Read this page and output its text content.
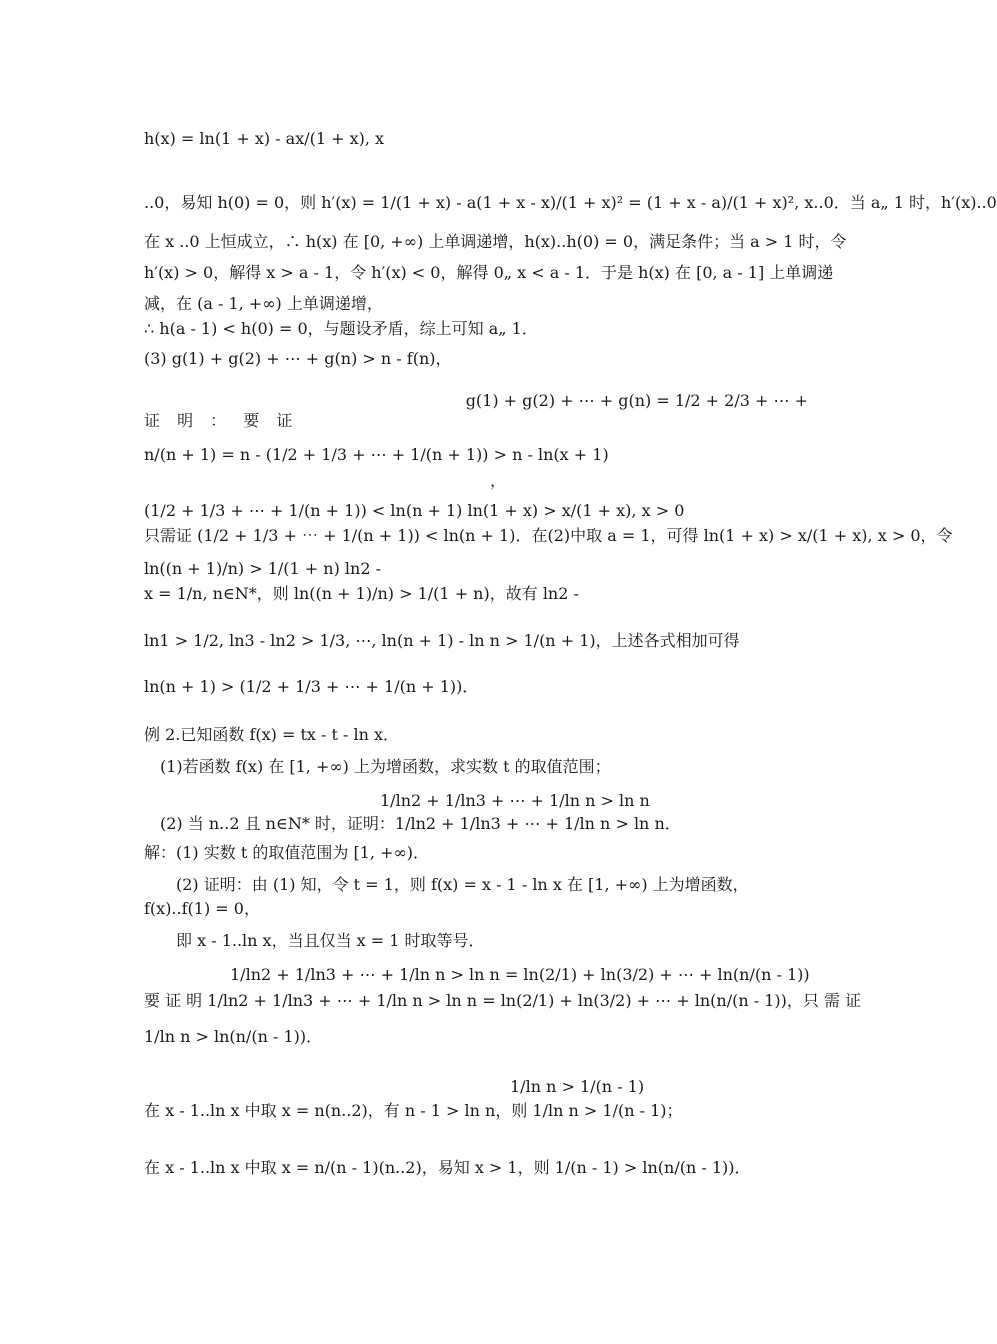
h(x) = ln(1 + x) - ax/(1 + x), x
..0，易知 h(0) = 0，则 h′(x) = 1/(1 + x) - a(1 + x - x)/(1 + x)² = (1 + x - a)/(1 + x)², x..0．当 a„ 1 时，h′(x)..0
在 x ..0 上恒成立，∴ h(x) 在 [0, +∞) 上单调递增，h(x)..h(0) = 0，满足条件；当 a > 1 时，令
h′(x) > 0，解得 x > a - 1，令 h′(x) < 0，解得 0„ x < a - 1．于是 h(x) 在 [0, a - 1] 上单调递
减，在 (a - 1, +∞) 上单调递增，
∴ h(a - 1) < h(0) = 0，与题设矛盾，综上可知 a„ 1．
(3) g(1) + g(2) + ⋯ + g(n) > n - f(n)，
g(1) + g(2) + ⋯ + g(n) = 1/2 + 2/3 + ⋯ +
证 明 ： 要 证
n/(n + 1) = n - (1/2 + 1/3 + ⋯ + 1/(n + 1)) > n - ln(x + 1)
，
(1/2 + 1/3 + ⋯ + 1/(n + 1)) < ln(n + 1) ln(1 + x) > x/(1 + x), x > 0
只需证 (1/2 + 1/3 + ⋯ + 1/(n + 1)) < ln(n + 1)．在(2)中取 a = 1，可得 ln(1 + x) > x/(1 + x), x > 0，令
ln((n + 1)/n) > 1/(1 + n) ln2 -
x = 1/n, n∈N*，则 ln((n + 1)/n) > 1/(1 + n)，故有 ln2 -
ln1 > 1/2, ln3 - ln2 > 1/3, ⋯, ln(n + 1) - ln n > 1/(n + 1)，上述各式相加可得
ln(n + 1) > (1/2 + 1/3 + ⋯ + 1/(n + 1))．
例 2.已知函数 f(x) = tx - t - ln x．
(1)若函数 f(x) 在 [1, +∞) 上为增函数，求实数 t 的取值范围；
1/ln2 + 1/ln3 + ⋯ + 1/ln n > ln n
(2) 当 n..2 且 n∈N* 时，证明：1/ln2 + 1/ln3 + ⋯ + 1/ln n > ln n．
解：(1) 实数 t 的取值范围为 [1, +∞)．
(2) 证明：由 (1) 知，令 t = 1，则 f(x) = x - 1 - ln x 在 [1, +∞) 上为增函数，
f(x)..f(1) = 0，
即 x - 1..ln x，当且仅当 x = 1 时取等号．
1/ln2 + 1/ln3 + ⋯ + 1/ln n > ln n = ln(2/1) + ln(3/2) + ⋯ + ln(n/(n - 1))
要 证 明 1/ln2 + 1/ln3 + ⋯ + 1/ln n > ln n = ln(2/1) + ln(3/2) + ⋯ + ln(n/(n - 1))，只 需 证
1/ln n > ln(n/(n - 1))．
1/ln n > 1/(n - 1)
在 x - 1..ln x 中取 x = n(n..2)，有 n - 1 > ln n，则 1/ln n > 1/(n - 1)；
在 x - 1..ln x 中取 x = n/(n - 1)(n..2)，易知 x > 1，则 1/(n - 1) > ln(n/(n - 1))．
